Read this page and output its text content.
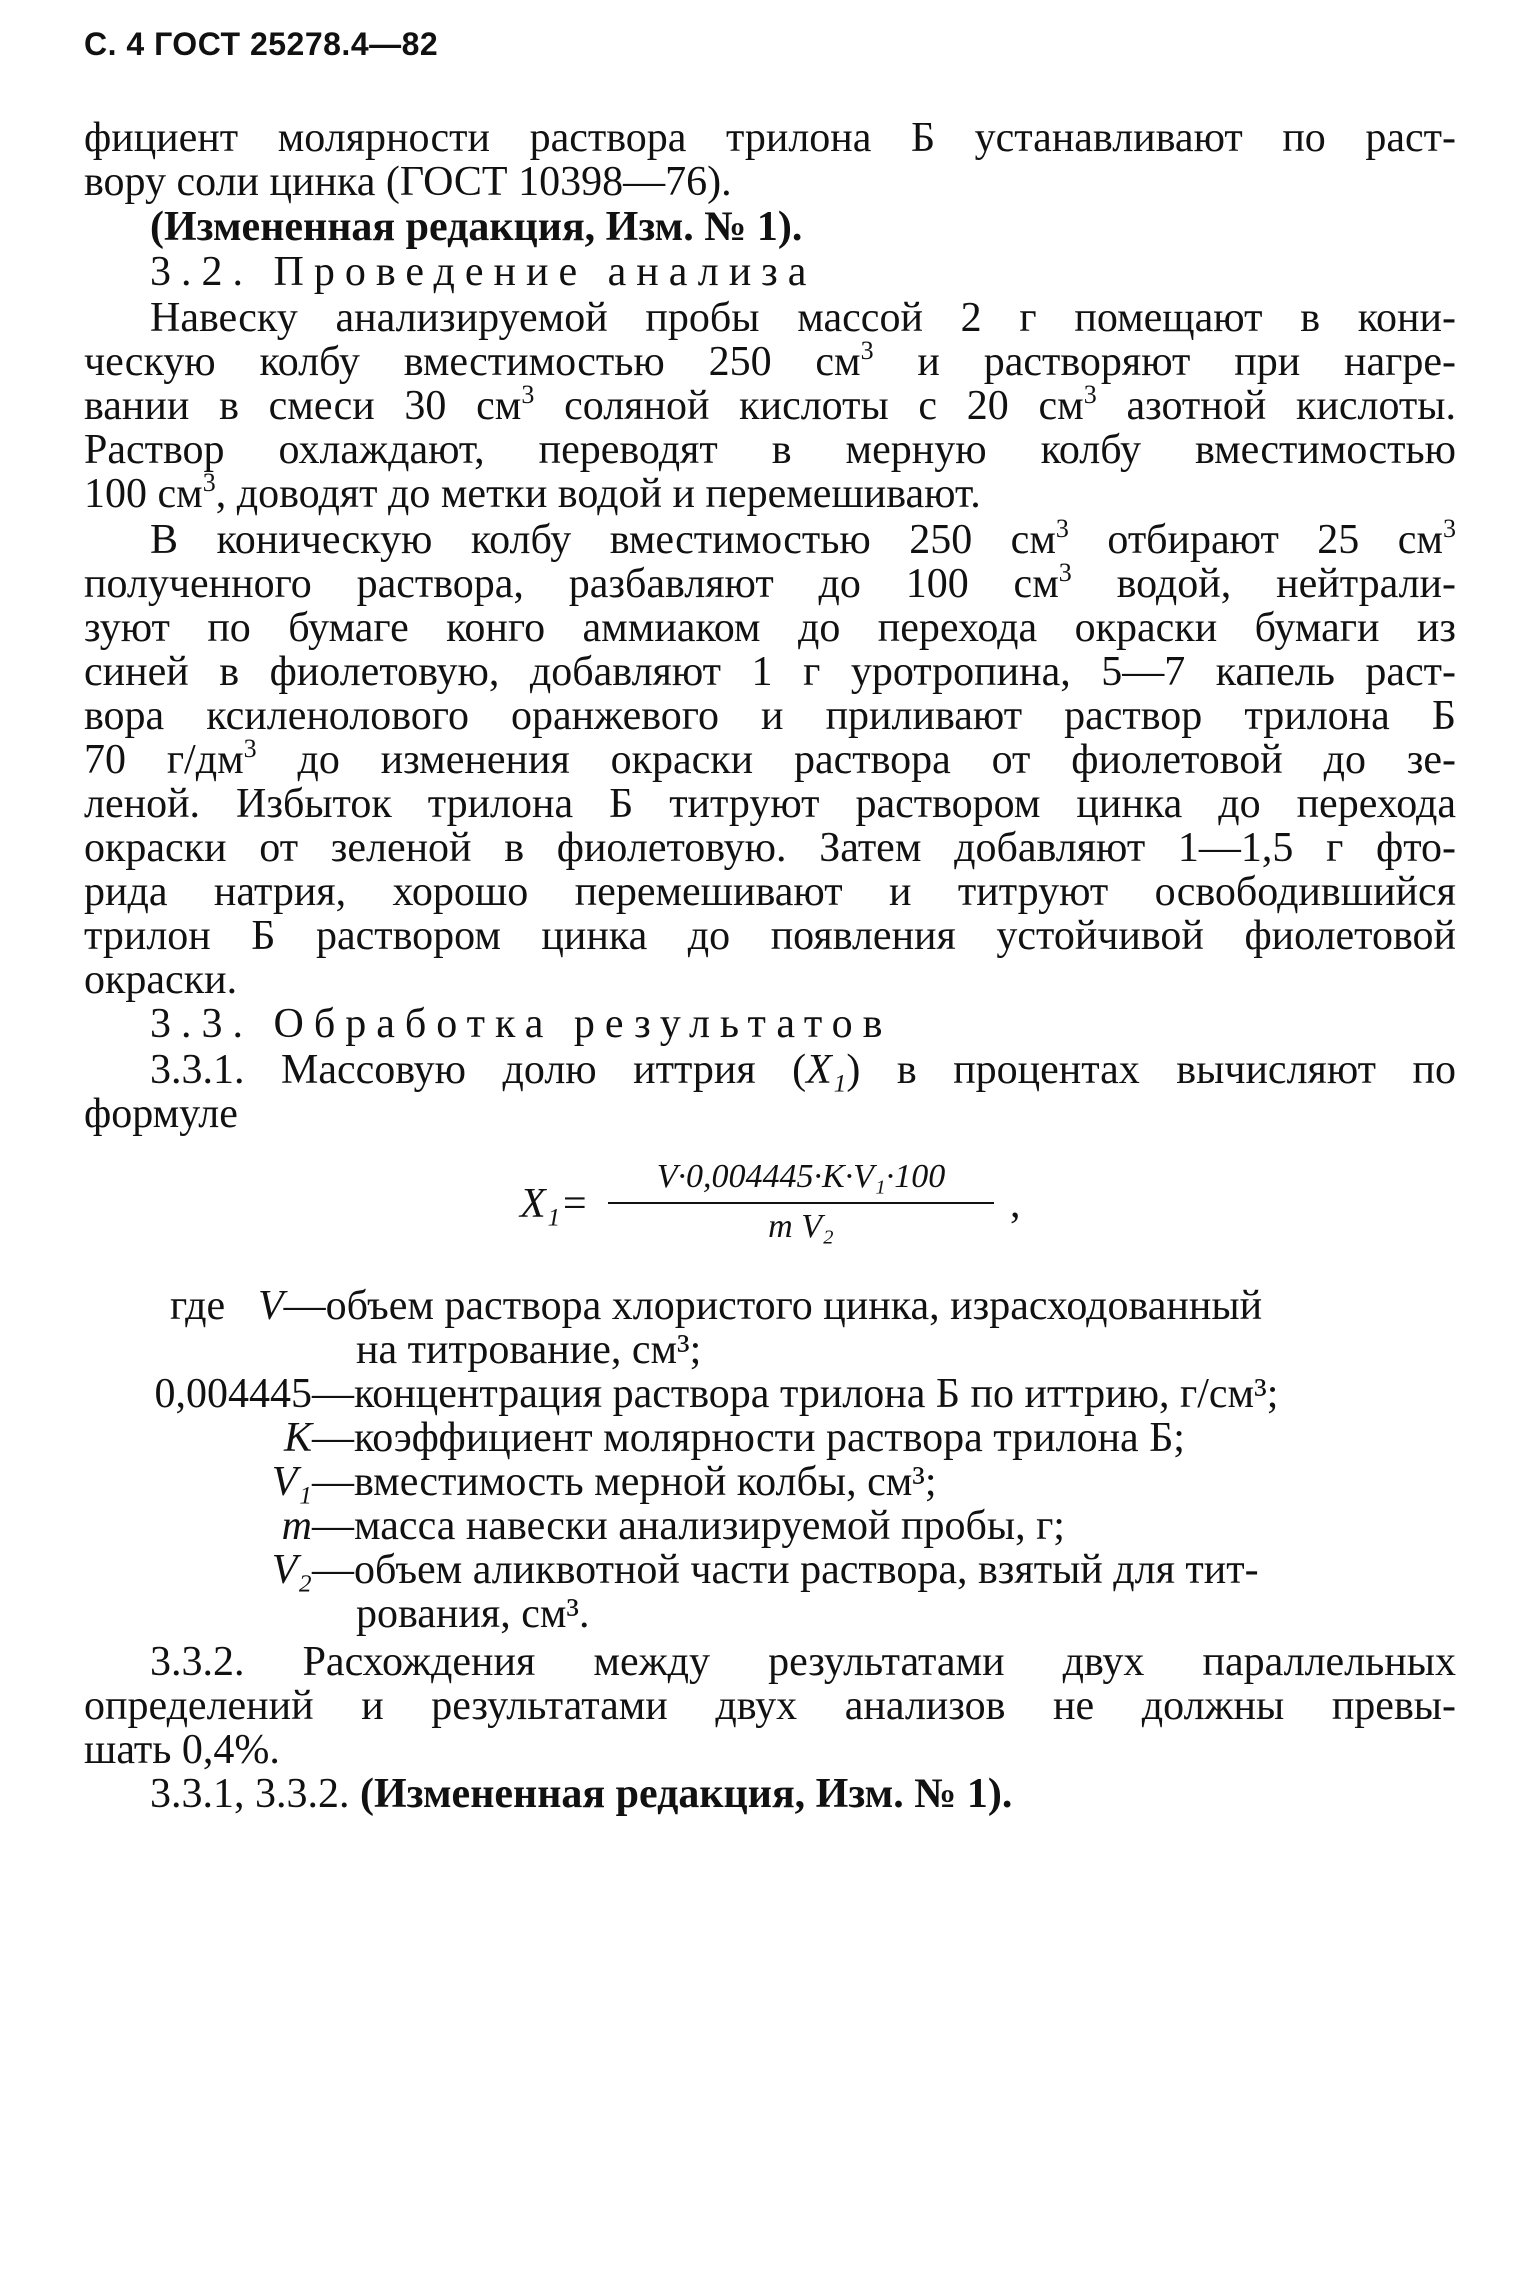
С. 4 ГОСТ 25278.4—82
фициент молярности раствора трилона Б устанавливают по раст-
вору соли цинка (ГОСТ 10398—76).
(Измененная редакция, Изм. № 1).
3.2. Проведение анализа
Навеску анализируемой пробы массой 2 г помещают в кони-
ческую колбу вместимостью 250 $см^3$ и растворяют при нагре-
вании в смеси 30 $см^3$ соляной кислоты с 20 $см^3$ азотной кислоты.
Раствор охлаждают, переводят в мерную колбу вместимостью
100 $см^3$, доводят до метки водой и перемешивают.
В коническую колбу вместимостью 250 $см^3$ отбирают 25 $см^3$
полученного раствора, разбавляют до 100 $см^3$ водой, нейтрали-
зуют по бумаге конго аммиаком до перехода окраски бумаги из
синей в фиолетовую, добавляют 1 г уротропина, 5—7 капель раст-
вора ксиленолового оранжевого и приливают раствор трилона Б
70 $г/дм^3$ до изменения окраски раствора от фиолетовой до зе-
леной. Избыток трилона Б титруют раствором цинка до перехода
окраски от зеленой в фиолетовую. Затем добавляют 1—1,5 г фто-
рида натрия, хорошо перемешивают и титруют освободившийся
трилон Б раствором цинка до появления устойчивой фиолетовой
окраски.
3.3. Обработка результатов
3.3.1. Массовую долю иттрия (X₁) в процентах вычисляют по
формуле
X₁=
V·0,004445·K·V₁·100
m V₂	,
где V—объем раствора хлористого цинка, израсходованный
на титрование, см³;
0,004445—концентрация раствора трилона Б по иттрию, г/см³;
K—коэффициент молярности раствора трилона Б;
V₁—вместимость мерной колбы, см³;
m—масса навески анализируемой пробы, г;
V₂—объем аликвотной части раствора, взятый для тит-
рования, см³.
3.3.2. Расхождения между результатами двух параллельных
определений и результатами двух анализов не должны превы-
шать 0,4%.
3.3.1, 3.3.2. (Измененная редакция, Изм. № 1).
